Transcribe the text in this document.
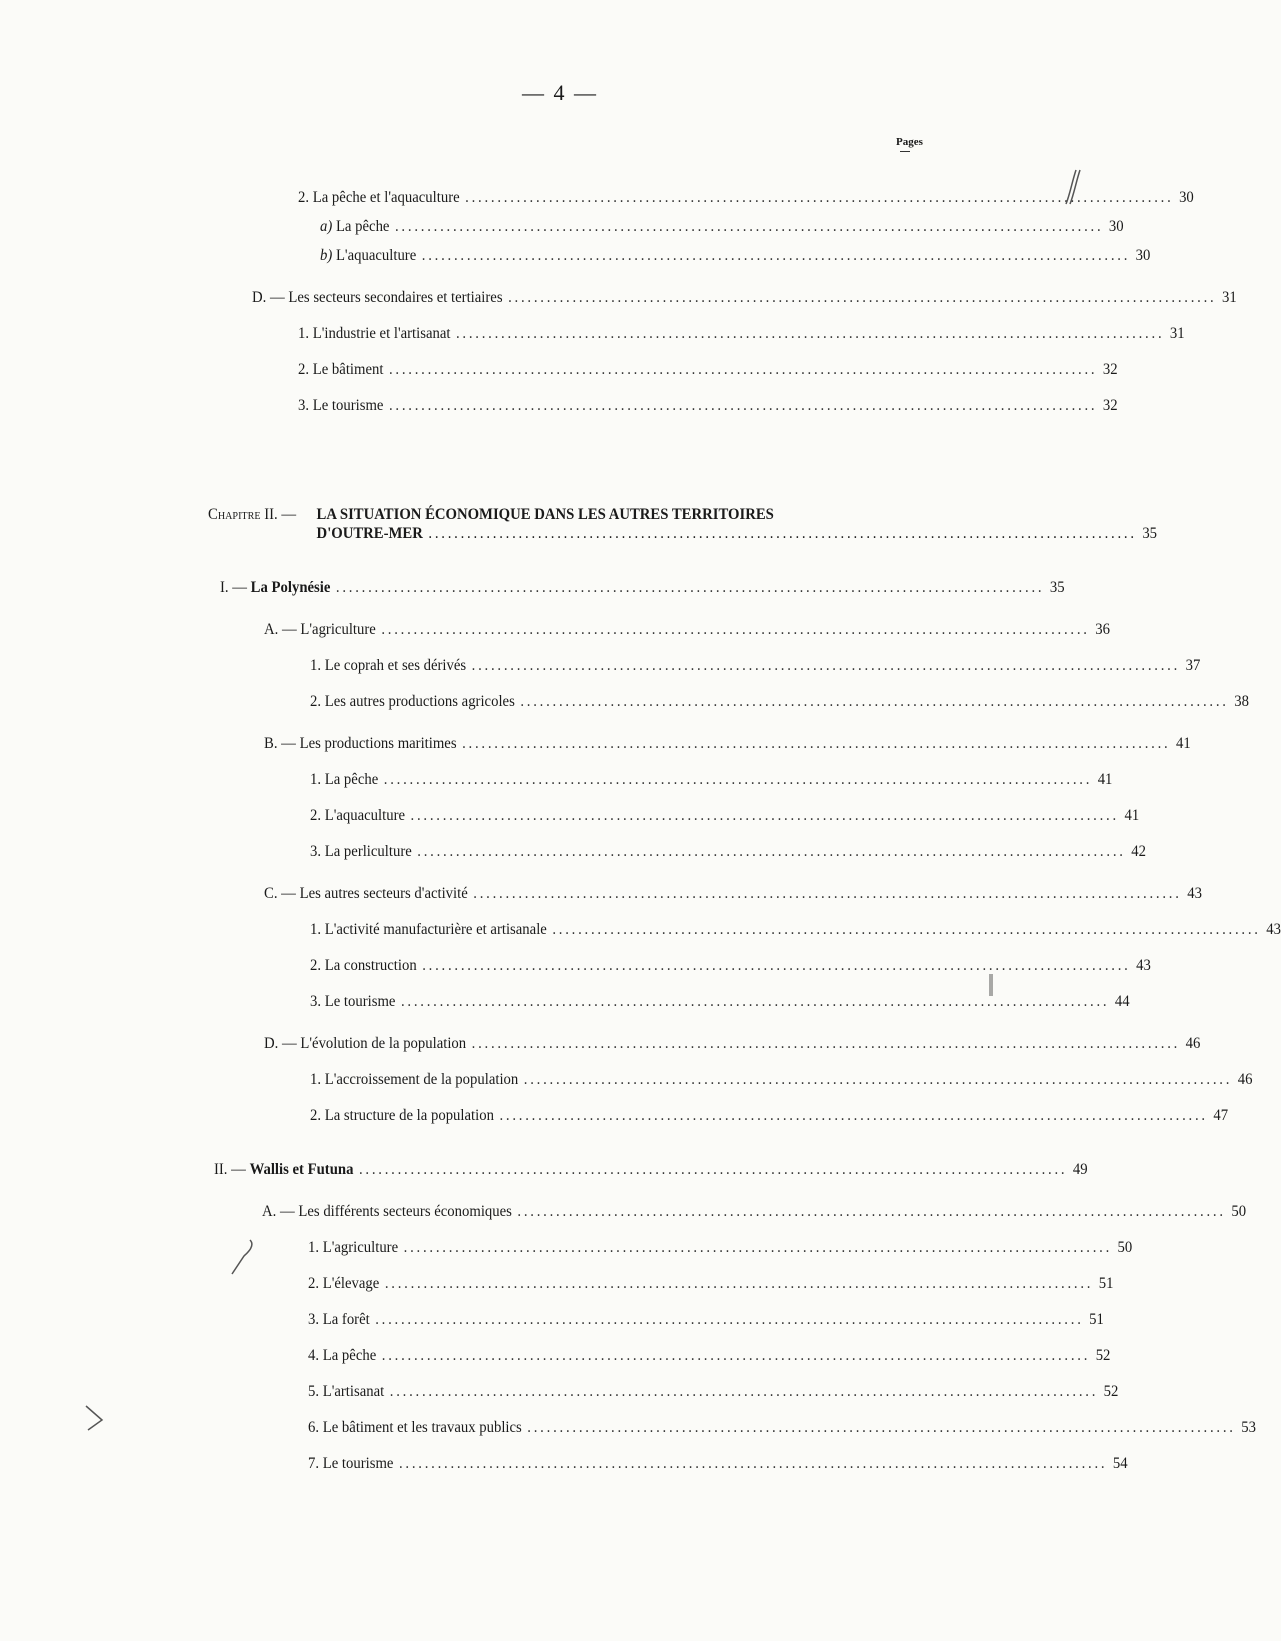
— 4 —
Pages
2. La pêche et l'aquaculture .............................................................................................................. 30
a) La pêche .............................................................................................................. 30
b) L'aquaculture .............................................................................................................. 30
D. — Les secteurs secondaires et tertiaires .............................................................................................................. 31
1. L'industrie et l'artisanat .............................................................................................................. 31
2. Le bâtiment .............................................................................................................. 32
3. Le tourisme .............................................................................................................. 32
Chapitre II. —	LA SITUATION ÉCONOMIQUE DANS LES AUTRES TERRITOIRES
D'OUTRE-MER .............................................................................................................. 35
I. — La Polynésie .............................................................................................................. 35
A. — L'agriculture .............................................................................................................. 36
1. Le coprah et ses dérivés .............................................................................................................. 37
2. Les autres productions agricoles .............................................................................................................. 38
B. — Les productions maritimes .............................................................................................................. 41
1. La pêche .............................................................................................................. 41
2. L'aquaculture .............................................................................................................. 41
3. La perliculture .............................................................................................................. 42
C. — Les autres secteurs d'activité .............................................................................................................. 43
1. L'activité manufacturière et artisanale .............................................................................................................. 43
2. La construction .............................................................................................................. 43
3. Le tourisme .............................................................................................................. 44
D. — L'évolution de la population .............................................................................................................. 46
1. L'accroissement de la population .............................................................................................................. 46
2. La structure de la population .............................................................................................................. 47
II. — Wallis et Futuna .............................................................................................................. 49
A. — Les différents secteurs économiques .............................................................................................................. 50
1. L'agriculture .............................................................................................................. 50
2. L'élevage .............................................................................................................. 51
3. La forêt .............................................................................................................. 51
4. La pêche .............................................................................................................. 52
5. L'artisanat .............................................................................................................. 52
6. Le bâtiment et les travaux publics .............................................................................................................. 53
7. Le tourisme .............................................................................................................. 54
